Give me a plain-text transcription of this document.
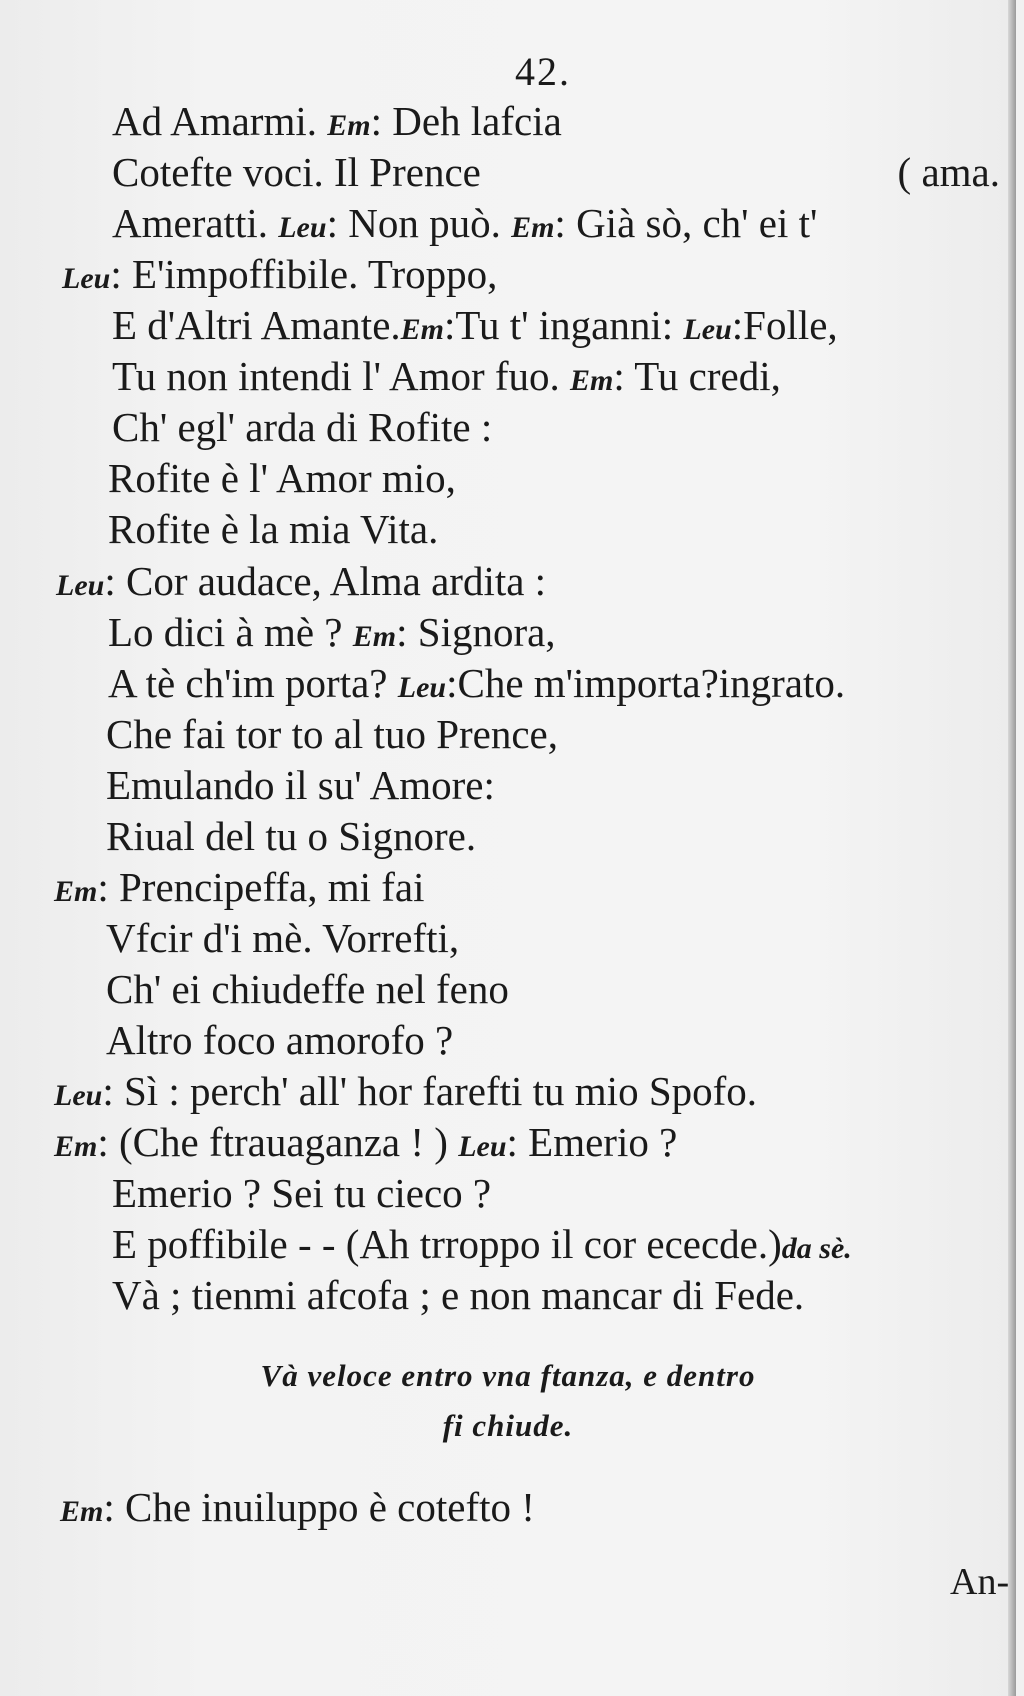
42.
Ad Amarmi. Em: Deh lafcia
Cotefte voci. Il Prence	( ama.
Ameratti. Leu: Non può. Em: Già sò, ch' ei t'
Leu: E'impoffibile. Troppo,
E d'Altri Amante.Em:Tu t' inganni: Leu:Folle,
Tu non intendi l' Amor fuo. Em: Tu credi,
Ch' egl' arda di Rofite :
Rofite è l' Amor mio,
Rofite è la mia Vita.
Leu: Cor audace, Alma ardita :
Lo dici à mè ? Em: Signora,
A tè ch'im porta? Leu:Che m'importa?ingrato.
Che fai tor to al tuo Prence,
Emulando il su' Amore:
Riual del tu o Signore.
Em: Prencipeffa, mi fai
Vfcir d'i mè. Vorrefti,
Ch' ei chiudeffe nel feno
Altro foco amorofo ?
Leu: Sì : perch' all' hor farefti tu mio Spofo.
Em: (Che ftrauaganza ! ) Leu: Emerio ?
Emerio ? Sei tu cieco ?
E poffibile - - (Ah trroppo il cor ececde.)da sè.
Và ; tienmi afcofa ; e non mancar di Fede.
Và veloce entro vna ftanza, e dentro
fi chiude.
Em: Che inuiluppo è cotefto !
An-
